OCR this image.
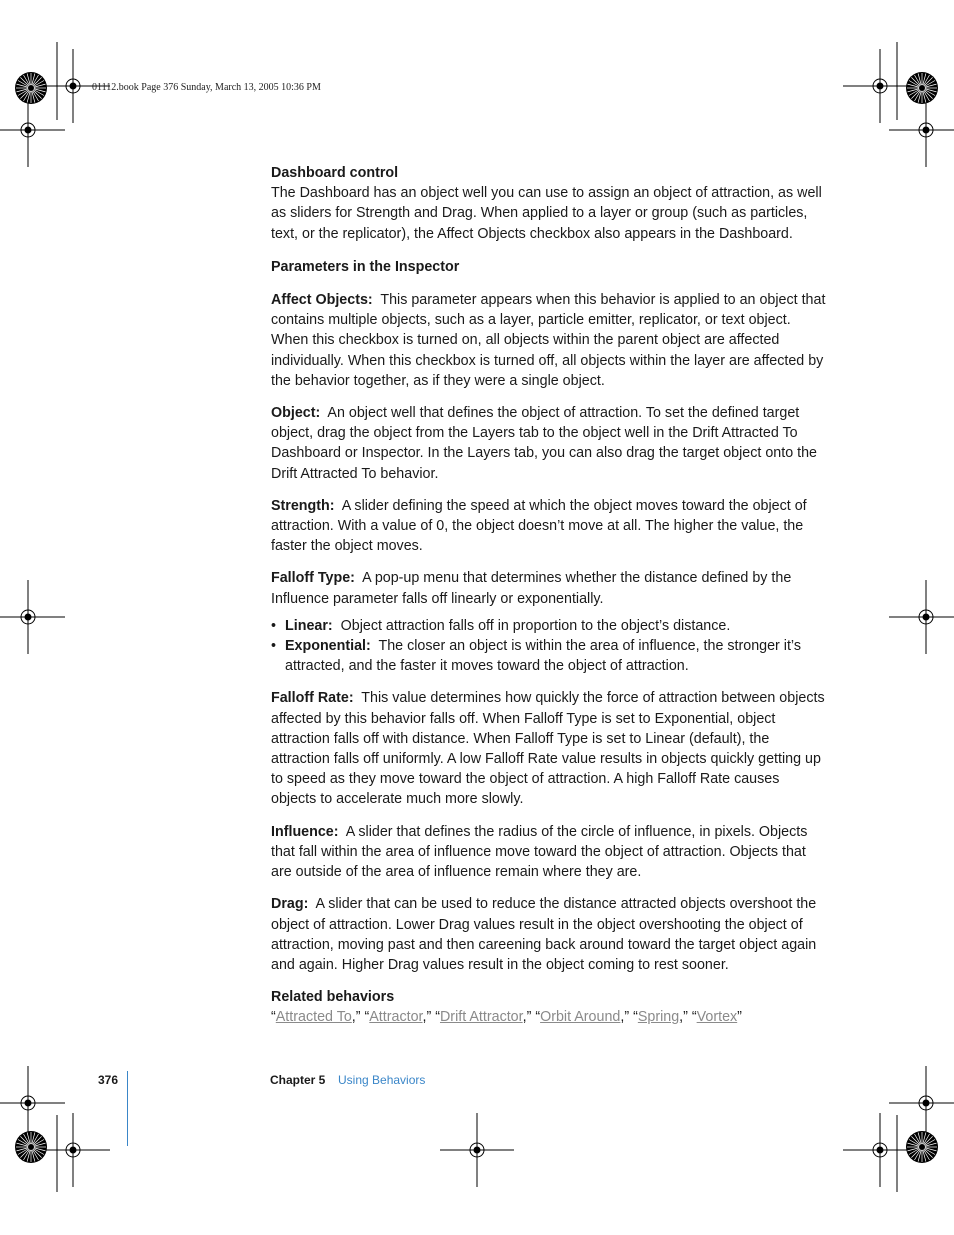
01112.book Page 376 Sunday, March 13, 2005 10:36 PM

Dashboard control

The Dashboard has an object well you can use to assign an object of attraction, as well as sliders for Strength and Drag. When applied to a layer or group (such as particles, text, or the replicator), the Affect Objects checkbox also appears in the Dashboard.

Parameters in the Inspector

Affect Objects: This parameter appears when this behavior is applied to an object that contains multiple objects, such as a layer, particle emitter, replicator, or text object. When this checkbox is turned on, all objects within the parent object are affected individually. When this checkbox is turned off, all objects within the layer are affected by the behavior together, as if they were a single object.

Object: An object well that defines the object of attraction. To set the defined target object, drag the object from the Layers tab to the object well in the Drift Attracted To Dashboard or Inspector. In the Layers tab, you can also drag the target object onto the Drift Attracted To behavior.

Strength: A slider defining the speed at which the object moves toward the object of attraction. With a value of 0, the object doesn’t move at all. The higher the value, the faster the object moves.

Falloff Type: A pop-up menu that determines whether the distance defined by the Influence parameter falls off linearly or exponentially.

• Linear: Object attraction falls off in proportion to the object’s distance.
• Exponential: The closer an object is within the area of influence, the stronger it’s attracted, and the faster it moves toward the object of attraction.

Falloff Rate: This value determines how quickly the force of attraction between objects affected by this behavior falls off. When Falloff Type is set to Exponential, object attraction falls off with distance. When Falloff Type is set to Linear (default), the attraction falls off uniformly. A low Falloff Rate value results in objects quickly getting up to speed as they move toward the object of attraction. A high Falloff Rate causes objects to accelerate much more slowly.

Influence: A slider that defines the radius of the circle of influence, in pixels. Objects that fall within the area of influence move toward the object of attraction. Objects that are outside of the area of influence remain where they are.

Drag: A slider that can be used to reduce the distance attracted objects overshoot the object of attraction. Lower Drag values result in the object overshooting the object of attraction, moving past and then careening back around toward the target object again and again. Higher Drag values result in the object coming to rest sooner.

Related behaviors

“Attracted To,” “Attractor,” “Drift Attractor,” “Orbit Around,” “Spring,” “Vortex”

376	Chapter 5 Using Behaviors
